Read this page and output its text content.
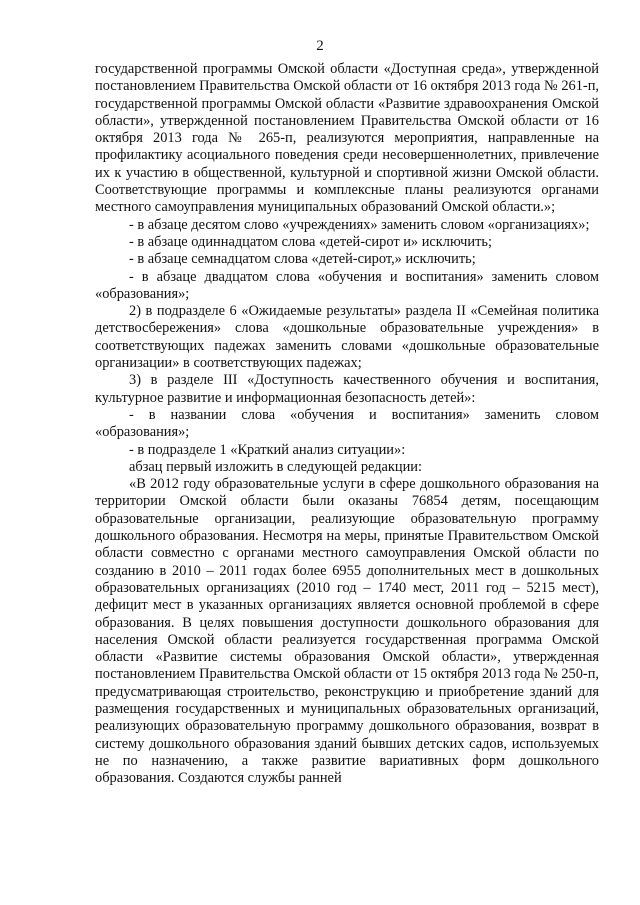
2

государственной программы Омской области «Доступная среда», утвержденной постановлением Правительства Омской области от 16 октября 2013 года № 261-п, государственной программы Омской области «Развитие здравоохранения Омской области», утвержденной постановлением Правительства Омской области от 16 октября 2013 года № 265-п, реализуются мероприятия, направленные на профилактику асоциального поведения среди несовершеннолетних, привлечение их к участию в общественной, культурной и спортивной жизни Омской области. Соответствующие программы и комплексные планы реализуются органами местного самоуправления муниципальных образований Омской области.»;

- в абзаце десятом слово «учреждениях» заменить словом «организациях»;

- в абзаце одиннадцатом слова «детей-сирот и» исключить;

- в абзаце семнадцатом слова «детей-сирот,» исключить;

- в абзаце двадцатом слова «обучения и воспитания» заменить словом «образования»;

2) в подразделе 6 «Ожидаемые результаты» раздела II «Семейная политика детствосбережения» слова «дошкольные образовательные учреждения» в соответствующих падежах заменить словами «дошкольные образовательные организации» в соответствующих падежах;

3) в разделе III «Доступность качественного обучения и воспитания, культурное развитие и информационная безопасность детей»:

- в названии слова «обучения и воспитания» заменить словом «образования»;

- в подразделе 1 «Краткий анализ ситуации»:

абзац первый изложить в следующей редакции:

«В 2012 году образовательные услуги в сфере дошкольного образования на территории Омской области были оказаны 76854 детям, посещающим образовательные организации, реализующие образовательную программу дошкольного образования. Несмотря на меры, принятые Правительством Омской области совместно с органами местного самоуправления Омской области по созданию в 2010 – 2011 годах более 6955 дополнительных мест в дошкольных образовательных организациях (2010 год – 1740 мест, 2011 год – 5215 мест), дефицит мест в указанных организациях является основной проблемой в сфере образования. В целях повышения доступности дошкольного образования для населения Омской области реализуется государственная программа Омской области «Развитие системы образования Омской области», утвержденная постановлением Правительства Омской области от 15 октября 2013 года № 250-п, предусматривающая строительство, реконструкцию и приобретение зданий для размещения государственных и муниципальных образовательных организаций, реализующих образовательную программу дошкольного образования, возврат в систему дошкольного образования зданий бывших детских садов, используемых не по назначению, а также развитие вариативных форм дошкольного образования. Создаются службы ранней
